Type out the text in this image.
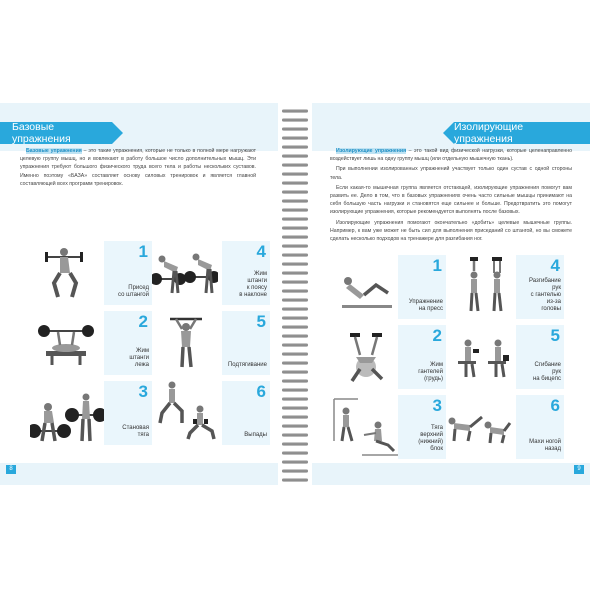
Базовые упражнения

Базовые упражнения – это такие упражнения, которые не только в полной мере нагружают целевую группу мышц, но и вовлекают в работу большое число дополнительных мышц. Эти упражнения требуют большого физического труда всего тела и работы нескольких суставов. Именно поэтому «БАЗА» составляет основу силовых тренировок и является главной составляющей всех программ тренировок.

1
Присед
со штангой
2
Жим
штанги
лежа
3
Становая
тяга
4
Жим
штанги
к поясу
в наклоне
5
Подтягивание
6
Выпады
8
Изолирующие упражнения

Изолирующие упражнения – это такой вид физической нагрузки, которые целенаправленно воздействует лишь на одну группу мышц (или отдельную мышечную ткань).

При выполнении изолированных упражнений участвует только один сустав с одной стороны тела.

Если какая-то мышечная группа является отстающей, изолирующие упражнения помогут вам развить ее. Дело в том, что в базовых упражнениях очень часто сильные мышцы принимают на себя большую часть нагрузки и становятся еще сильнее и больше. Предотвратить это помогут изолирующие упражнения, которые рекомендуется выполнять после базовых.

Изолирующие упражнения помогают окончательно «добить» целевые мышечные группы. Например, к вам уже может не быть сил для выполнения приседаний со штангой, но вы сможете сделать несколько подходов на тренажере для разгибания ног.

1
Упражнение
на пресс
2
Жим
гантелей
(грудь)
3
Тяга
верхний
(нижний)
блок
4
Разгибание
рук
с гантелью
из-за
головы
5
Сгибание
рук
на бицепс
6
Махи ногой
назад
9
